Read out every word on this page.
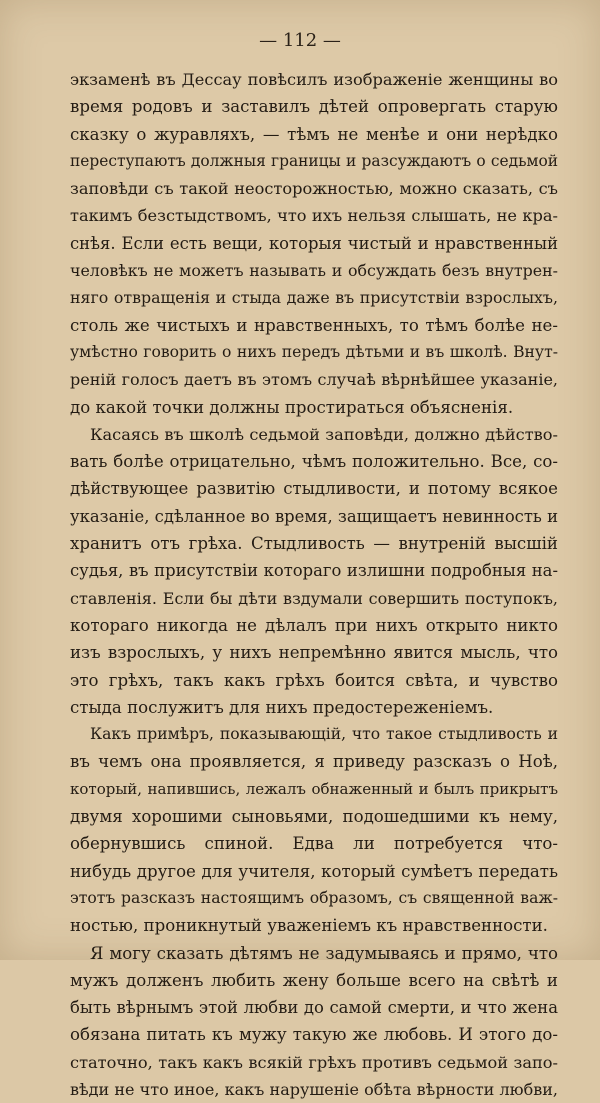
— 112 —
экзаменѣ въ Дессау повѣсилъ изображенiе женщины во
время родовъ и заставилъ дѣтей опровергать старую
сказку о журавляхъ, — тѣмъ не менѣе и они нерѣдко
переступаютъ должныя границы и разсуждаютъ о седьмой
заповѣди съ такой неосторожностью, можно сказать, съ
такимъ безстыдствомъ, что ихъ нельзя слышать, не кра-
снѣя. Если есть вещи, которыя чистый и нравственный
человѣкъ не можетъ называть и обсуждать безъ внутрен-
няго отвращенiя и стыда даже въ присутствiи взрослыхъ,
столь же чистыхъ и нравственныхъ, то тѣмъ болѣе не-
умѣстно говорить о нихъ передъ дѣтьми и въ школѣ. Внут-
ренiй голосъ даетъ въ этомъ случаѣ вѣрнѣйшее указанiе,
до какой точки должны простираться объясненiя.
Касаясь въ школѣ седьмой заповѣди, должно дѣйство-
вать болѣе отрицательно, чѣмъ положительно. Все, со-
дѣйствующее развитiю стыдливости, и потому всякое
указанiе, сдѣланное во время, защищаетъ невинность и
хранитъ отъ грѣха. Стыдливость — внутренiй высшiй
судья, въ присутствiи котораго излишни подробныя на-
ставленiя. Если бы дѣти вздумали совершить поступокъ,
котораго никогда не дѣлалъ при нихъ открыто никто
изъ взрослыхъ, у нихъ непремѣнно явится мысль, что
это грѣхъ, такъ какъ грѣхъ боится свѣта, и чувство
стыда послужитъ для нихъ предостереженiемъ.
Какъ примѣръ, показывающiй, что такое стыдливость и
въ чемъ она проявляется, я приведу разсказъ о Ноѣ,
который, напившись, лежалъ обнаженный и былъ прикрытъ
двумя хорошими сыновьями, подошедшими къ нему,
обернувшись спиной. Едва ли потребуется что-
нибудь другое для учителя, который сумѣетъ передать
этотъ разсказъ настоящимъ образомъ, съ священной важ-
ностью, проникнутый уваженiемъ къ нравственности.
Я могу сказать дѣтямъ не задумываясь и прямо, что
мужъ долженъ любить жену больше всего на свѣтѣ и
быть вѣрнымъ этой любви до самой смерти, и что жена
обязана питать къ мужу такую же любовь. И этого до-
статочно, такъ какъ всякiй грѣхъ противъ седьмой запо-
вѣди не что иное, какъ нарушенiе обѣта вѣрности любви,
